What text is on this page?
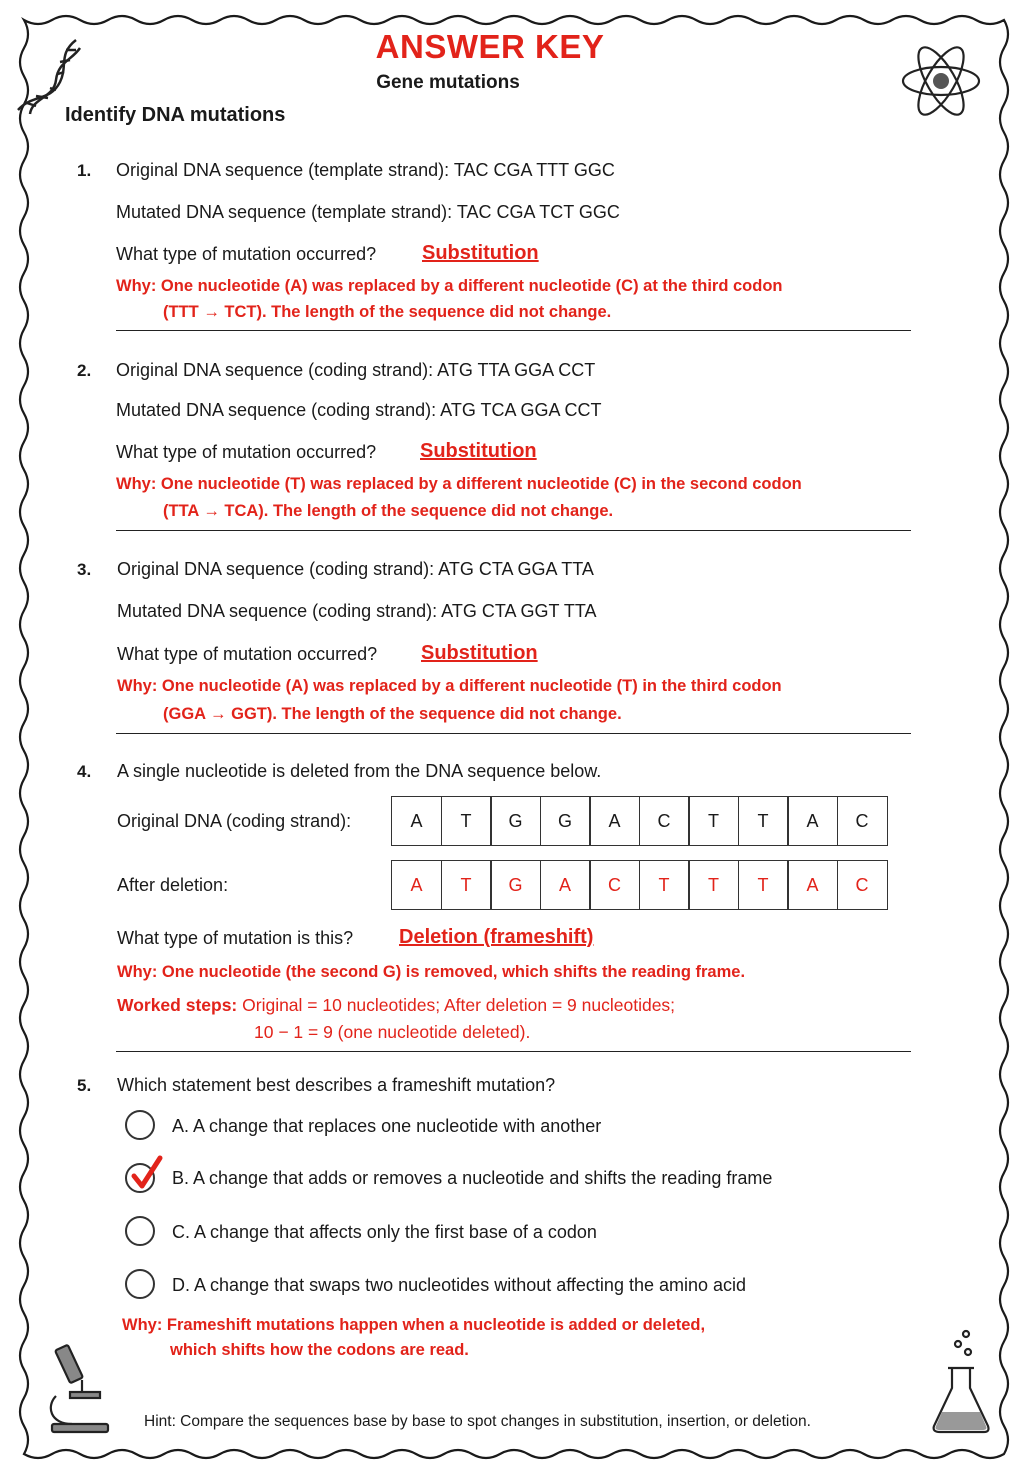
ANSWER KEY
Gene mutations
Identify DNA mutations
1. Original DNA sequence (template strand): TAC CGA TTT GGC
Mutated DNA sequence (template strand): TAC CGA TCT GGC
What type of mutation occurred? Substitution
Why: One nucleotide (A) was replaced by a different nucleotide (C) at the third codon
(TTT → TCT). The length of the sequence did not change.
2. Original DNA sequence (coding strand): ATG TTA GGA CCT
Mutated DNA sequence (coding strand): ATG TCA GGA CCT
What type of mutation occurred? Substitution
Why: One nucleotide (T) was replaced by a different nucleotide (C) in the second codon
(TTA → TCA). The length of the sequence did not change.
3. Original DNA sequence (coding strand): ATG CTA GGA TTA
Mutated DNA sequence (coding strand): ATG CTA GGT TTA
What type of mutation occurred? Substitution
Why: One nucleotide (A) was replaced by a different nucleotide (T) in the third codon
(GGA → GGT). The length of the sequence did not change.
4. A single nucleotide is deleted from the DNA sequence below.
Original DNA (coding strand):	A	T	G	G	A	C	T	T	A	C
After deletion:	A	T	G	A	C	T	T	T	A	C
What type of mutation is this? Deletion (frameshift)
Why: One nucleotide (the second G) is removed, which shifts the reading frame.
Worked steps: Original = 10 nucleotides; After deletion = 9 nucleotides;
10 − 1 = 9 (one nucleotide deleted).
5. Which statement best describes a frameshift mutation?
A. A change that replaces one nucleotide with another
B. A change that adds or removes a nucleotide and shifts the reading frame
C. A change that affects only the first base of a codon
D. A change that swaps two nucleotides without affecting the amino acid
Why: Frameshift mutations happen when a nucleotide is added or deleted,
which shifts how the codons are read.
Hint: Compare the sequences base by base to spot changes in substitution, insertion, or deletion.
